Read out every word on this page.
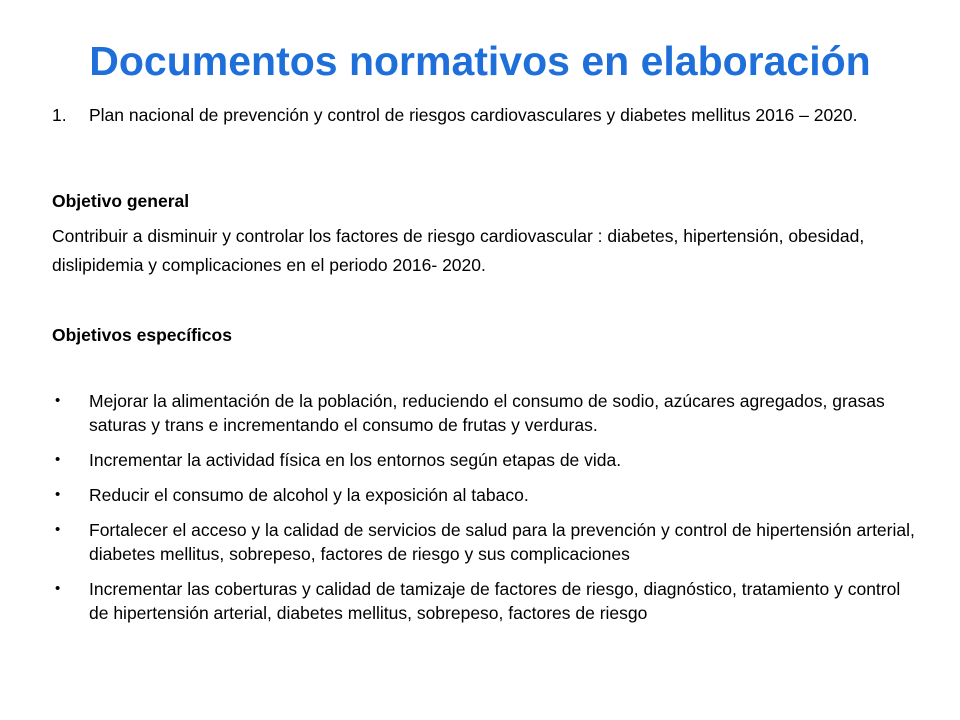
Documentos normativos en elaboración
1. Plan nacional de prevención y control de riesgos cardiovasculares y diabetes mellitus 2016 – 2020.

Objetivo general

Contribuir a disminuir y controlar los factores de riesgo cardiovascular : diabetes, hipertensión, obesidad, dislipidemia y complicaciones en el periodo 2016- 2020.

Objetivos específicos

• Mejorar la alimentación de la población, reduciendo el consumo de sodio, azúcares agregados, grasas saturas y trans e incrementando el consumo de frutas y verduras.
• Incrementar la actividad física en los entornos según etapas de vida.
• Reducir el consumo de alcohol y la exposición al tabaco.
• Fortalecer el acceso y la calidad de servicios de salud para la prevención y control de hipertensión arterial, diabetes mellitus, sobrepeso, factores de riesgo y sus complicaciones
• Incrementar las coberturas y calidad de tamizaje de factores de riesgo, diagnóstico, tratamiento y control de hipertensión arterial, diabetes mellitus, sobrepeso, factores de riesgo
